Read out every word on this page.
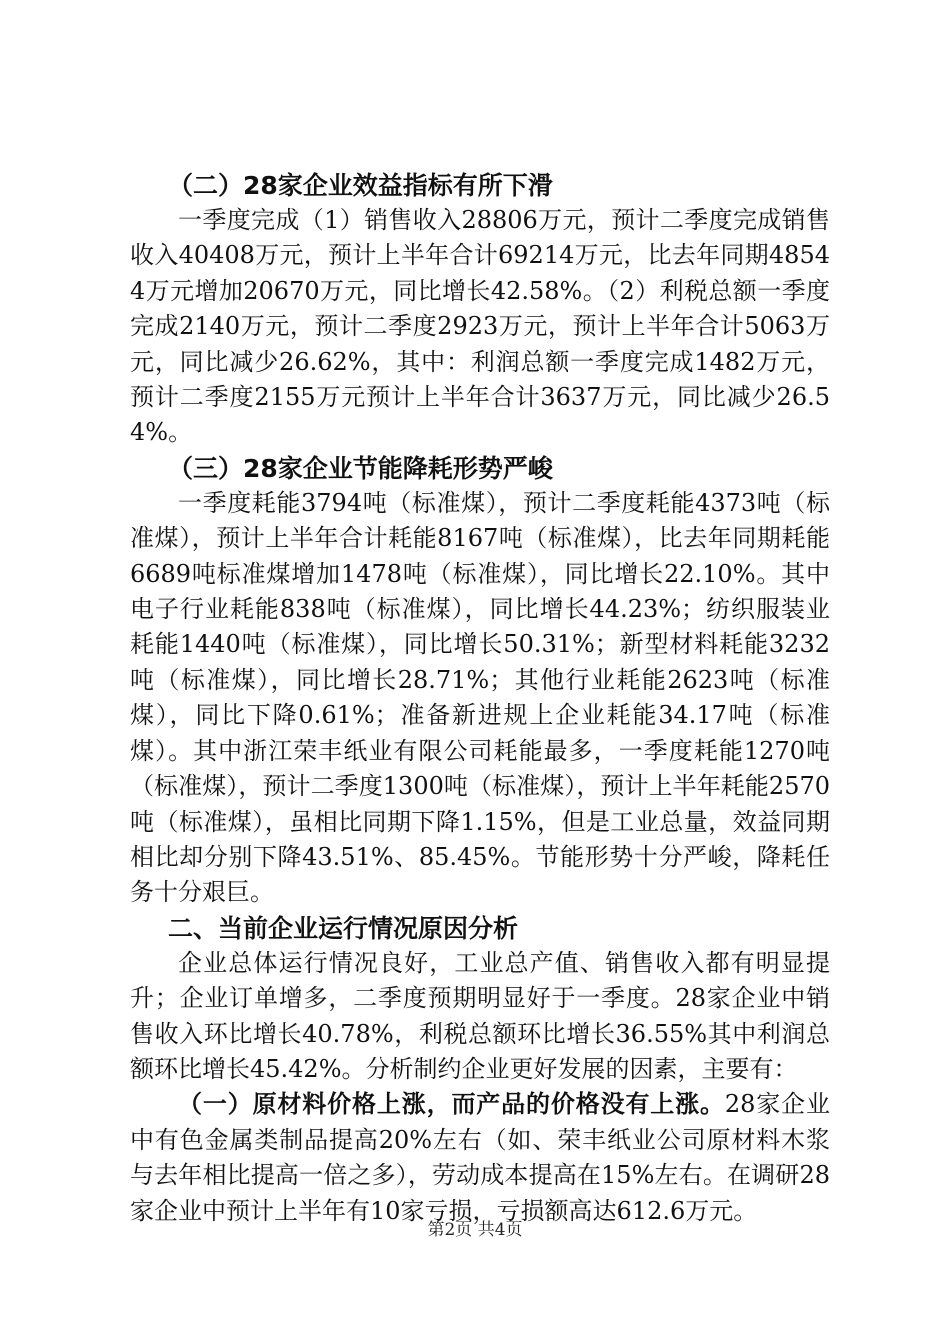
（二）28家企业效益指标有所下滑

一季度完成（1）销售收入28806万元，预计二季度完成销售收入40408万元，预计上半年合计69214万元，比去年同期48544万元增加20670万元，同比增长42.58%。（2）利税总额一季度完成2140万元，预计二季度2923万元，预计上半年合计5063万元，同比减少26.62%，其中：利润总额一季度完成1482万元，预计二季度2155万元预计上半年合计3637万元，同比减少26.54%。

（三）28家企业节能降耗形势严峻

一季度耗能3794吨（标准煤），预计二季度耗能4373吨（标准煤），预计上半年合计耗能8167吨（标准煤），比去年同期耗能6689吨标准煤增加1478吨（标准煤），同比增长22.10%。其中电子行业耗能838吨（标准煤），同比增长44.23%；纺织服装业耗能1440吨（标准煤），同比增长50.31%；新型材料耗能3232吨（标准煤），同比增长28.71%；其他行业耗能2623吨（标准煤），同比下降0.61%；准备新进规上企业耗能34.17吨（标准煤）。其中浙江荣丰纸业有限公司耗能最多，一季度耗能1270吨（标准煤），预计二季度1300吨（标准煤），预计上半年耗能2570吨（标准煤），虽相比同期下降1.15%，但是工业总量，效益同期相比却分别下降43.51%、85.45%。节能形势十分严峻，降耗任务十分艰巨。

二、当前企业运行情况原因分析

企业总体运行情况良好，工业总产值、销售收入都有明显提升；企业订单增多，二季度预期明显好于一季度。28家企业中销售收入环比增长40.78%，利税总额环比增长36.55%其中利润总额环比增长45.42%。分析制约企业更好发展的因素，主要有：

（一）原材料价格上涨，而产品的价格没有上涨。28家企业中有色金属类制品提高20%左右（如、荣丰纸业公司原材料木浆与去年相比提高一倍之多），劳动成本提高在15%左右。在调研28家企业中预计上半年有10家亏损，亏损额高达612.6万元。

第2页 共4页
